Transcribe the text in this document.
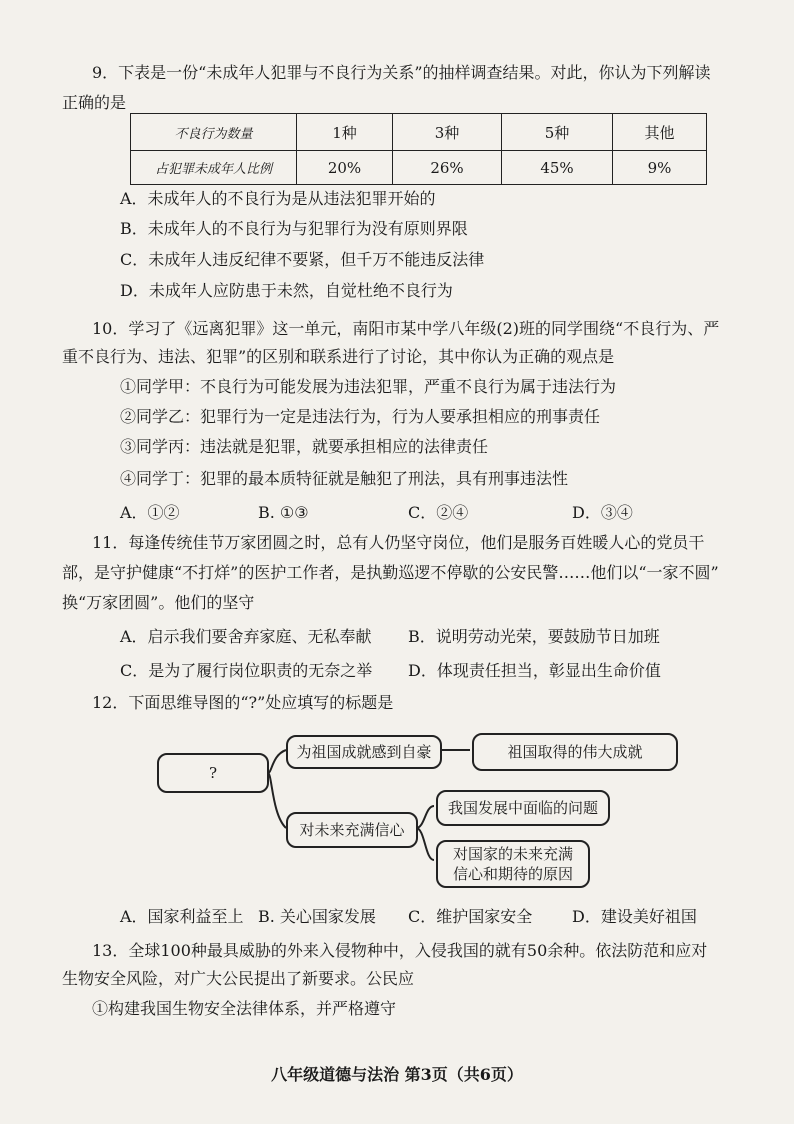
9．下表是一份“未成年人犯罪与不良行为关系”的抽样调查结果。对此，你认为下列解读
正确的是
不良行为数量	1种	3种	5种	其他
占犯罪未成年人比例	20%	26%	45%	9%
A．未成年人的不良行为是从违法犯罪开始的
B．未成年人的不良行为与犯罪行为没有原则界限
C．未成年人违反纪律不要紧，但千万不能违反法律
D．未成年人应防患于未然，自觉杜绝不良行为
10．学习了《远离犯罪》这一单元，南阳市某中学八年级(2)班的同学围绕“不良行为、严
重不良行为、违法、犯罪”的区别和联系进行了讨论，其中你认为正确的观点是
①同学甲：不良行为可能发展为违法犯罪，严重不良行为属于违法行为
②同学乙：犯罪行为一定是违法行为，行为人要承担相应的刑事责任
③同学丙：违法就是犯罪，就要承担相应的法律责任
④同学丁：犯罪的最本质特征就是触犯了刑法，具有刑事违法性
A．①②	B. ①③	C．②④	D．③④
11．每逢传统佳节万家团圆之时，总有人仍坚守岗位，他们是服务百姓暖人心的党员干
部，是守护健康“不打烊”的医护工作者，是执勤巡逻不停歇的公安民警……他们以“一家不圆”
换“万家团圆”。他们的坚守
A．启示我们要舍弃家庭、无私奉献 B．说明劳动光荣，要鼓励节日加班
C．是为了履行岗位职责的无奈之举 D．体现责任担当，彰显出生命价值
12．下面思维导图的“?”处应填写的标题是
?
为祖国成就感到自豪	祖国取得的伟大成就
对未来充满信心
我国发展中面临的问题
对国家的未来充满
信心和期待的原因
A．国家利益至上 B. 关心国家发展 C．维护国家安全 D．建设美好祖国
13．全球100种最具威胁的外来入侵物种中，入侵我国的就有50余种。依法防范和应对
生物安全风险，对广大公民提出了新要求。公民应
①构建我国生物安全法律体系，并严格遵守
八年级道德与法治 第3页（共6页）
